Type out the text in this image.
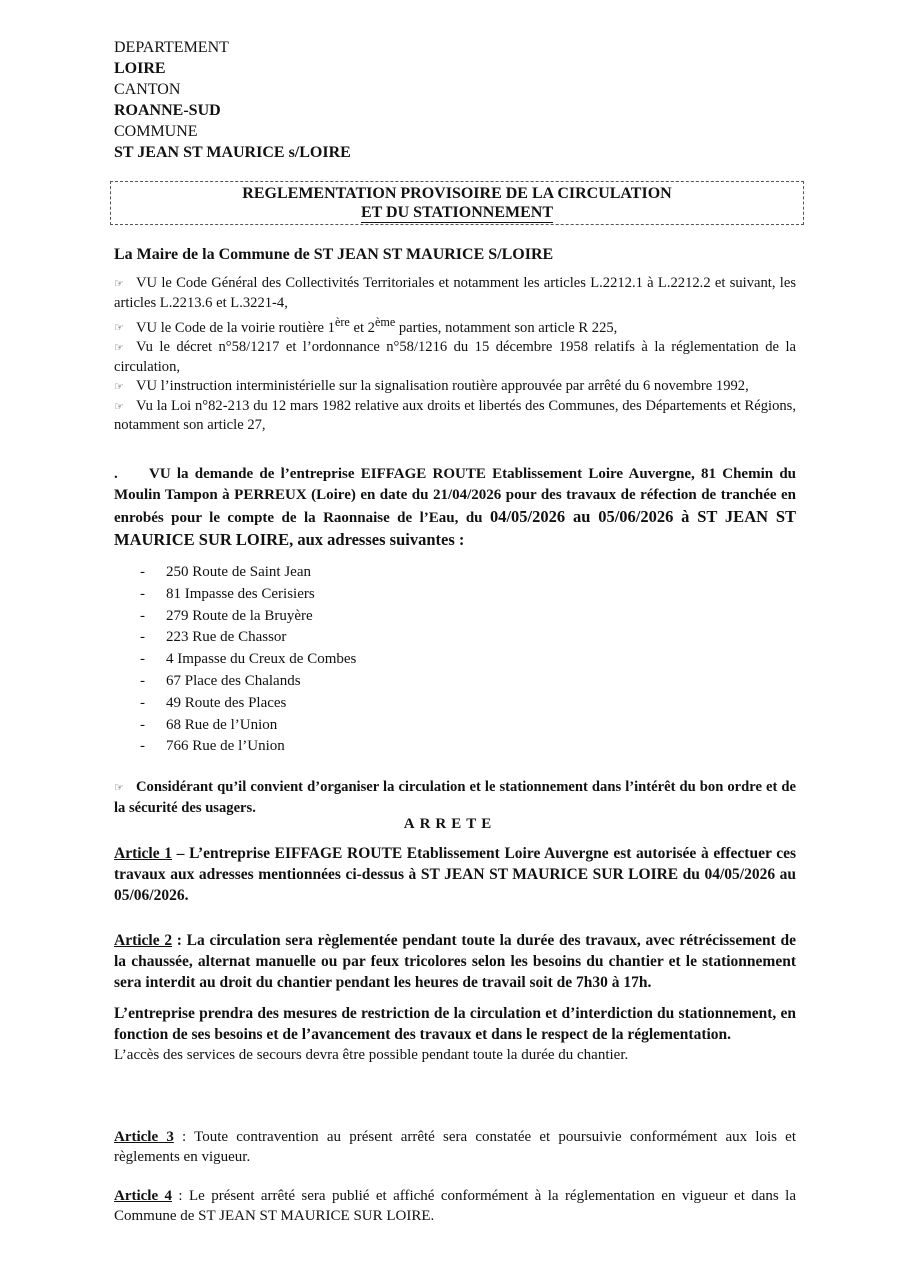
DEPARTEMENT
LOIRE
CANTON
ROANNE-SUD
COMMUNE
ST JEAN ST MAURICE s/LOIRE
REGLEMENTATION PROVISOIRE DE LA CIRCULATION
ET DU STATIONNEMENT
La Maire de la Commune de ST JEAN ST MAURICE S/LOIRE

☞ VU le Code Général des Collectivités Territoriales et notamment les articles L.2212.1 à L.2212.2 et suivant, les articles L.2213.6 et L.3221-4,

☞ VU le Code de la voirie routière 1ère et 2ème parties, notamment son article R 225,

☞ Vu le décret n°58/1217 et l’ordonnance n°58/1216 du 15 décembre 1958 relatifs à la réglementation de la circulation,

☞ VU l’instruction interministérielle sur la signalisation routière approuvée par arrêté du 6 novembre 1992,

☞ Vu la Loi n°82-213 du 12 mars 1982 relative aux droits et libertés des Communes, des Départements et Régions, notamment son article 27,

. VU la demande de l’entreprise EIFFAGE ROUTE Etablissement Loire Auvergne, 81 Chemin du Moulin Tampon à PERREUX (Loire) en date du 21/04/2026 pour des travaux de réfection de tranchée en enrobés pour le compte de la Raonnaise de l’Eau, du 04/05/2026 au 05/06/2026 à ST JEAN ST MAURICE SUR LOIRE, aux adresses suivantes :
- 250 Route de Saint Jean
- 81 Impasse des Cerisiers
- 279 Route de la Bruyère
- 223 Rue de Chassor
- 4 Impasse du Creux de Combes
- 67 Place des Chalands
- 49 Route des Places
- 68 Rue de l’Union
- 766 Rue de l’Union
☞ Considérant qu’il convient d’organiser la circulation et le stationnement dans l’intérêt du bon ordre et de la sécurité des usagers.
ARRETE
Article 1 – L’entreprise EIFFAGE ROUTE Etablissement Loire Auvergne est autorisée à effectuer ces travaux aux adresses mentionnées ci-dessus à ST JEAN ST MAURICE SUR LOIRE du 04/05/2026 au 05/06/2026.

Article 2 : La circulation sera règlementée pendant toute la durée des travaux, avec rétrécissement de la chaussée, alternat manuelle ou par feux tricolores selon les besoins du chantier et le stationnement sera interdit au droit du chantier pendant les heures de travail soit de 7h30 à 17h.

L’entreprise prendra des mesures de restriction de la circulation et d’interdiction du stationnement, en fonction de ses besoins et de l’avancement des travaux et dans le respect de la réglementation.

L’accès des services de secours devra être possible pendant toute la durée du chantier.

Article 3 : Toute contravention au présent arrêté sera constatée et poursuivie conformément aux lois et règlements en vigueur.
Article 4 : Le présent arrêté sera publié et affiché conformément à la réglementation en vigueur et dans la Commune de ST JEAN ST MAURICE SUR LOIRE.
